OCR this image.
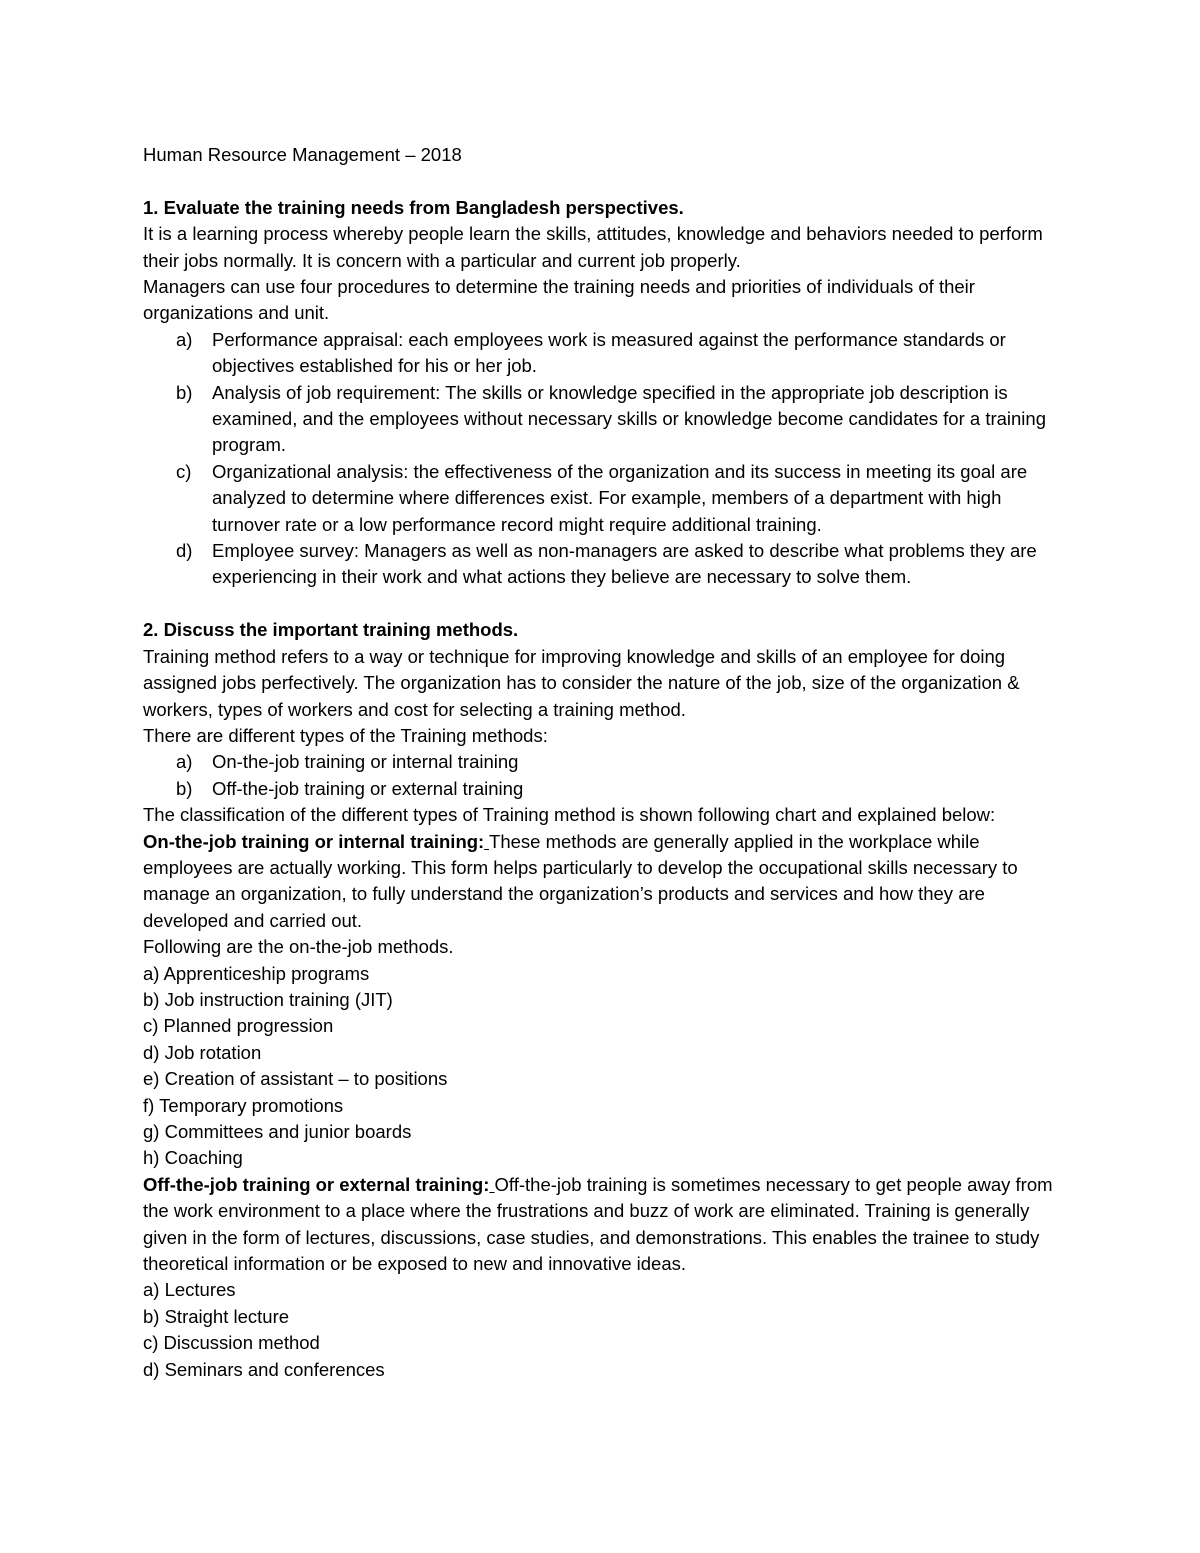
Human Resource Management – 2018

1. Evaluate the training needs from Bangladesh perspectives.

It is a learning process whereby people learn the skills, attitudes, knowledge and behaviors needed to perform their jobs normally. It is concern with a particular and current job properly.

Managers can use four procedures to determine the training needs and priorities of individuals of their organizations and unit.

a)	Performance appraisal: each employees work is measured against the performance standards or objectives established for his or her job.
b)	Analysis of job requirement: The skills or knowledge specified in the appropriate job description is examined, and the employees without necessary skills or knowledge become candidates for a training program.
c)	Organizational analysis: the effectiveness of the organization and its success in meeting its goal are analyzed to determine where differences exist. For example, members of a department with high turnover rate or a low performance record might require additional training.
d)	Employee survey: Managers as well as non-managers are asked to describe what problems they are experiencing in their work and what actions they believe are necessary to solve them.

2. Discuss the important training methods.

Training method refers to a way or technique for improving knowledge and skills of an employee for doing assigned jobs perfectively. The organization has to consider the nature of the job, size of the organization & workers, types of workers and cost for selecting a training method.

There are different types of the Training methods:

a)	On-the-job training or internal training
b)	Off-the-job training or external training

The classification of the different types of Training method is shown following chart and explained below:

On-the-job training or internal training: These methods are generally applied in the workplace while employees are actually working. This form helps particularly to develop the occupational skills necessary to manage an organization, to fully understand the organization’s products and services and how they are developed and carried out.

Following are the on-the-job methods.

a) Apprenticeship programs

b) Job instruction training (JIT)

c) Planned progression

d) Job rotation

e) Creation of assistant – to positions

f) Temporary promotions

g) Committees and junior boards

h) Coaching

Off-the-job training or external training: Off-the-job training is sometimes necessary to get people away from the work environment to a place where the frustrations and buzz of work are eliminated. Training is generally given in the form of lectures, discussions, case studies, and demonstrations. This enables the trainee to study theoretical information or be exposed to new and innovative ideas.

a) Lectures

b) Straight lecture

c) Discussion method

d) Seminars and conferences
